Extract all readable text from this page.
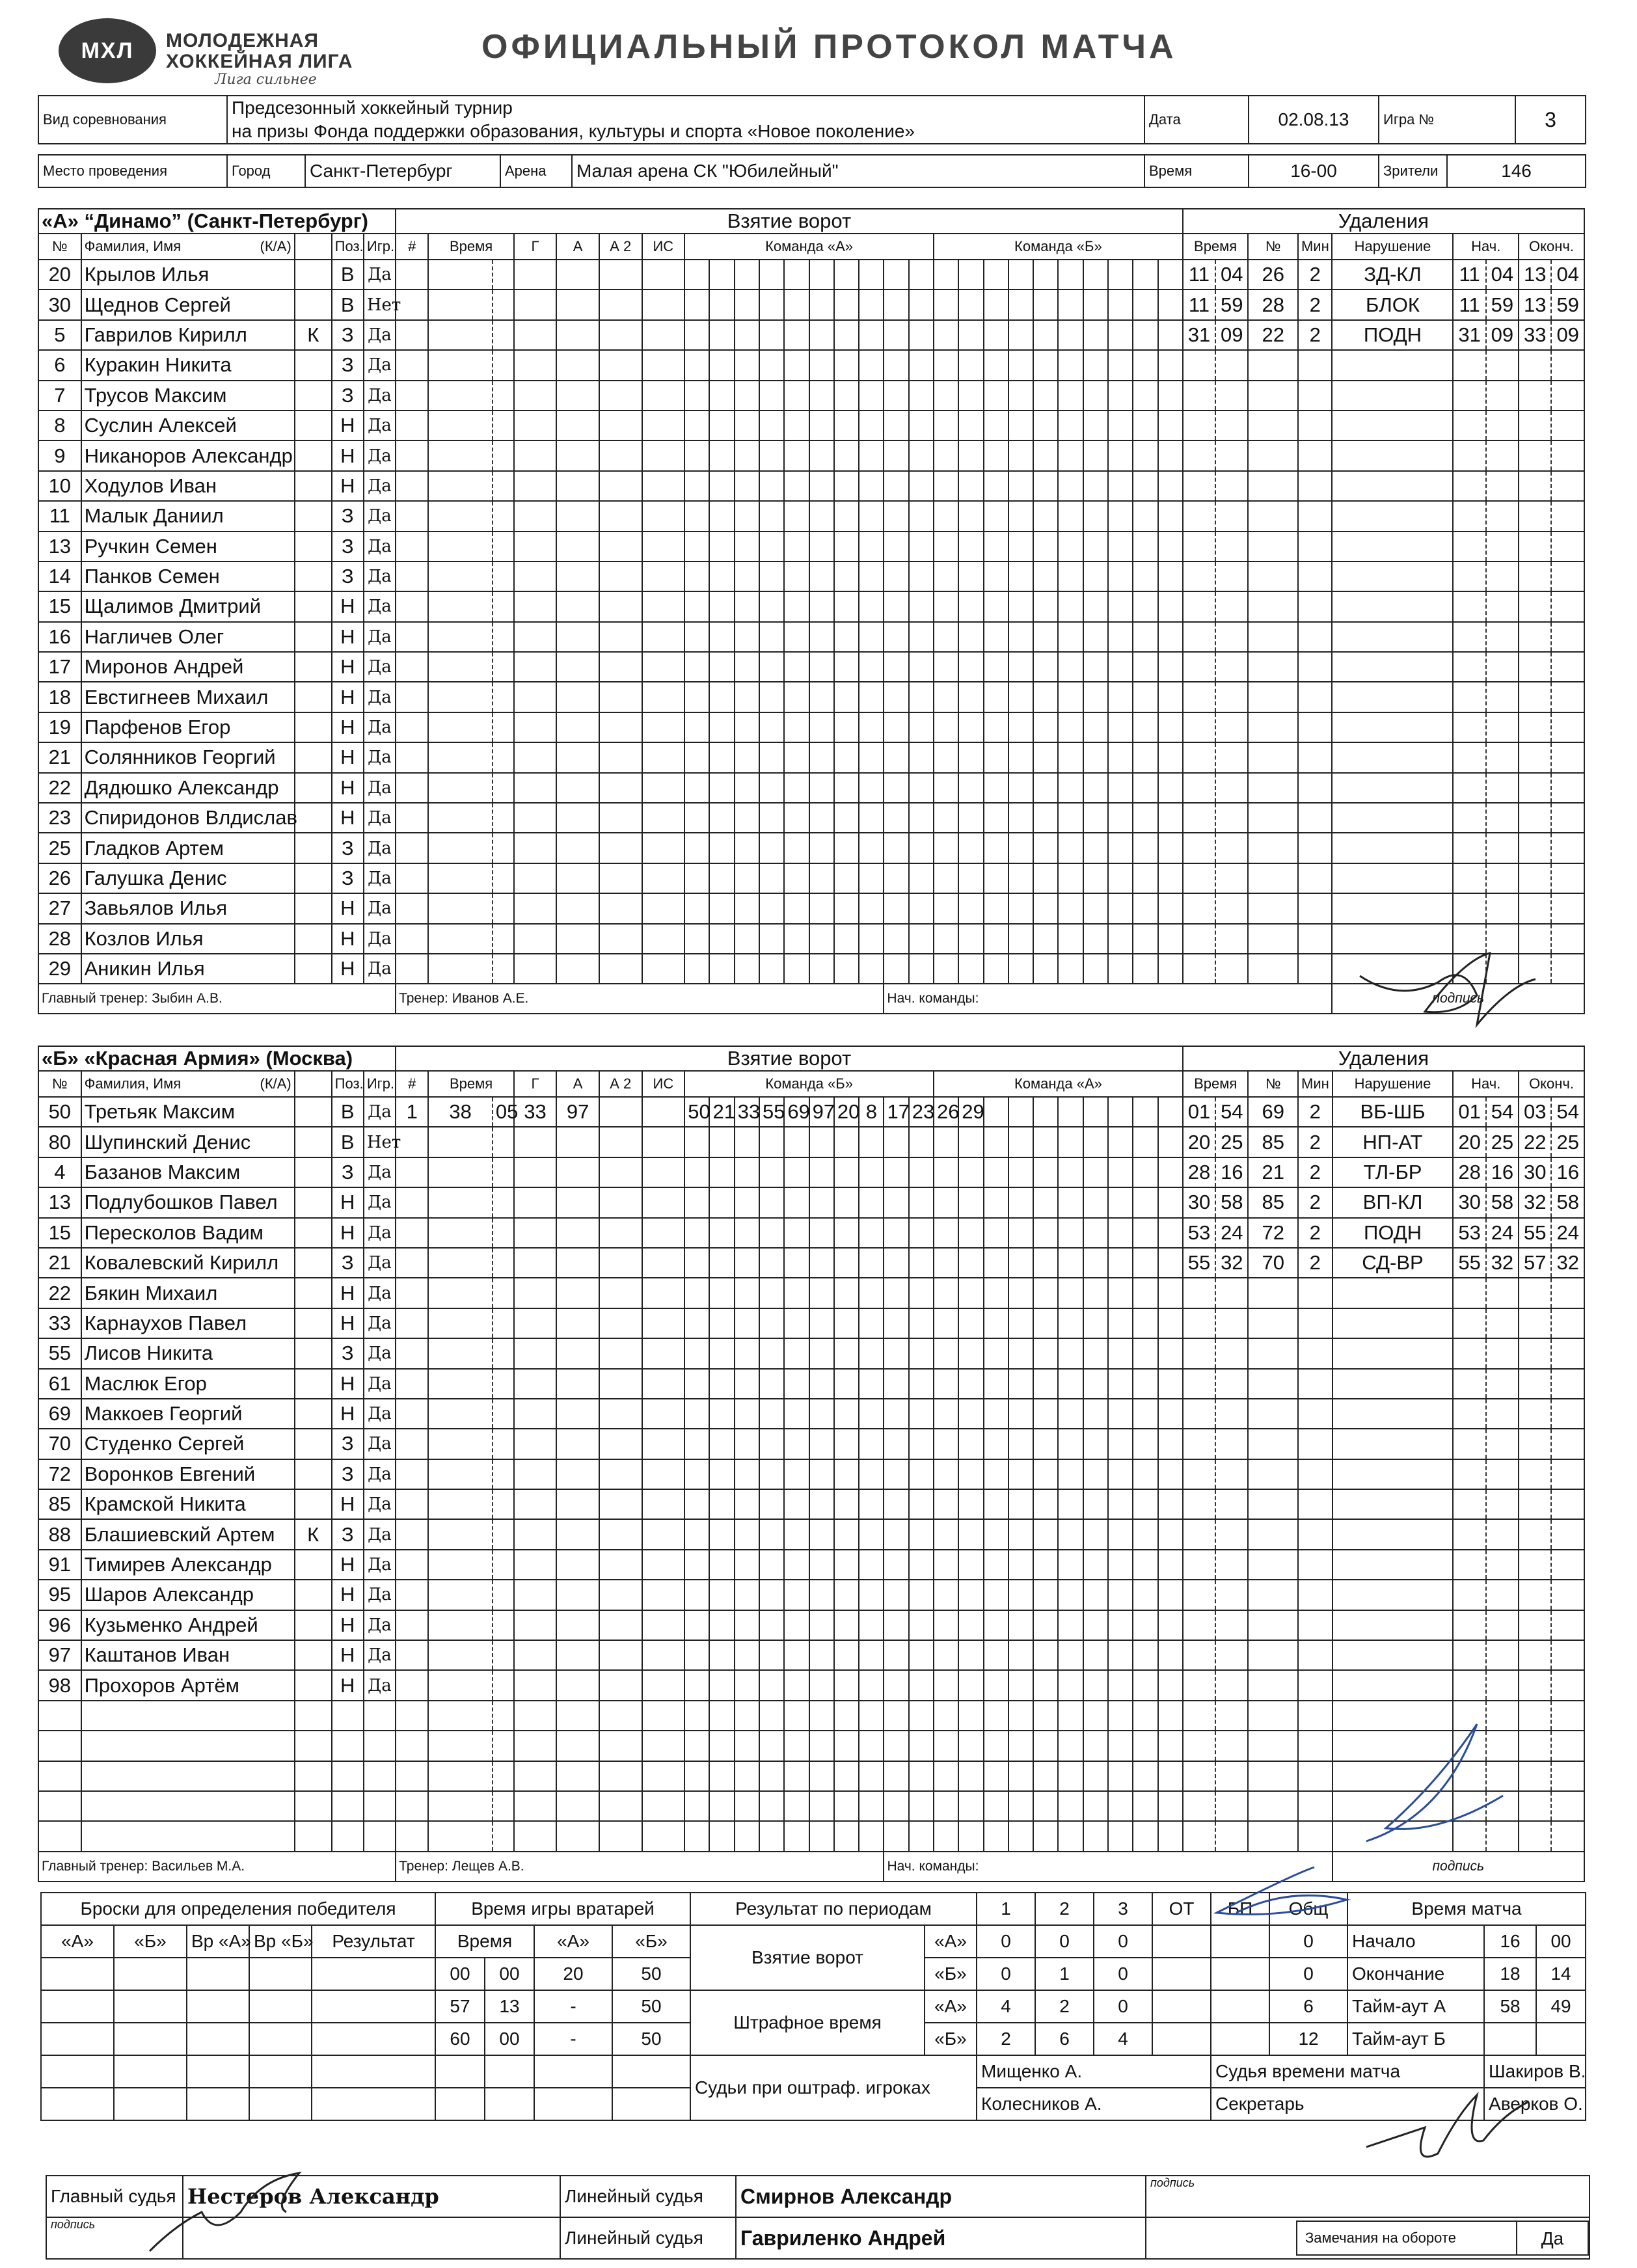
МХЛ	МОЛОДЕЖНАЯ
ХОККЕЙНАЯ ЛИГА
Лига сильнее
ОФИЦИАЛЬНЫЙ ПРОТОКОЛ МАТЧА
Вид соревнования	
Предсезонный хоккейный турнир
на призы Фонда поддержки образования, культуры и спорта «Новое поколение»
	Дата	02.08.13	Игра №	3
Место проведения	Город	Санкт-Петербург	Арена	Малая арена СК "Юбилейный"	Время	16-00	Зрители	146
«А» “Динамо” (Санкт-Петербург)					Взятие ворот																											Удаления								
№	Фамилия, Имя (К/А)		Поз.	Игр.	#	Время		Г	А	А 2	ИС	Команда «А»										Команда «Б»										Время		№	Мин	Нарушение	Нач.		Оконч.	
20	Крылов Илья		В	Да																												11	04	26	2	ЗД-КЛ	11	04	13	04
30	Щеднов Сергей		В	Нет																												11	59	28	2	БЛОК	11	59	13	59
5	Гаврилов Кирилл	К	З	Да																												31	09	22	2	ПОДН	31	09	33	09
6	Куракин Никита		З	Да																																				
7	Трусов Максим		З	Да																																				
8	Суслин Алексей		Н	Да																																				
9	Никаноров Александр		Н	Да																																				
10	Ходулов Иван		Н	Да																																				
11	Малык Даниил		З	Да																																				
13	Ручкин Семен		З	Да																																				
14	Панков Семен		З	Да																																				
15	Щалимов Дмитрий		Н	Да																																				
16	Нагличев Олег		Н	Да																																				
17	Миронов Андрей		Н	Да																																				
18	Евстигнеев Михаил		Н	Да																																				
19	Парфенов Егор		Н	Да																																				
21	Солянников Георгий		Н	Да																																				
22	Дядюшко Александр		Н	Да																																				
23	Спиридонов Влдислав		Н	Да																																				
25	Гладков Артем		З	Да																																				
26	Галушка Денис		З	Да																																				
27	Завьялов Илья		Н	Да																																				
28	Козлов Илья		Н	Да																																				
29	Аникин Илья		Н	Да																																				
Главный тренер: Зыбин А.В.					Тренер: Иванов А.Е.															Нач. команды:																подпись				
«Б» «Красная Армия» (Москва)					Взятие ворот																											Удаления								
№	Фамилия, Имя (К/А)		Поз.	Игр.	#	Время		Г	А	А 2	ИС	Команда «Б»										Команда «А»										Время		№	Мин	Нарушение	Нач.		Оконч.	
50	Третьяк Максим		В	Да	1	38	05	33	97			50	21	33	55	69	97	20	8	17	23	26	29									01	54	69	2	ВБ-ШБ	01	54	03	54
80	Шупинский Денис		В	Нет																												20	25	85	2	НП-АТ	20	25	22	25
4	Базанов Максим		З	Да																												28	16	21	2	ТЛ-БР	28	16	30	16
13	Подлубошков Павел		Н	Да																												30	58	85	2	ВП-КЛ	30	58	32	58
15	Пересколов Вадим		Н	Да																												53	24	72	2	ПОДН	53	24	55	24
21	Ковалевский Кирилл		З	Да																												55	32	70	2	СД-ВР	55	32	57	32
22	Бякин Михаил		Н	Да																																				
33	Карнаухов Павел		Н	Да																																				
55	Лисов Никита		З	Да																																				
61	Маслюк Егор		Н	Да																																				
69	Маккоев Георгий		Н	Да																																				
70	Студенко Сергей		З	Да																																				
72	Воронков Евгений		З	Да																																				
85	Крамской Никита		Н	Да																																				
88	Блашиевский Артем	К	З	Да																																				
91	Тимирев Александр		Н	Да																																				
95	Шаров Александр		Н	Да																																				
96	Кузьменко Андрей		Н	Да																																				
97	Каштанов Иван		Н	Да																																				
98	Прохоров Артём		Н	Да																																				

Главный тренер: Васильев М.А.					Тренер: Лещев А.В.															Нач. команды:																подпись				
Броски для определения победителя					Время игры вратарей				Результат по периодам		1	2	3	ОТ	БП	Общ	Время матча		
«А»	«Б»	Вр «А»	Вр «Б»	Результат	Время		«А»	«Б»	Взятие ворот	«А»	0	0	0			0	Начало	16	00
					00	00	20	50		«Б»	0	1	0			0	Окончание	18	14
					57	13	-	50	Штрафное время	«А»	4	2	0			6	Тайм-аут А	58	49
					60	00	-	50		«Б»	2	6	4			12	Тайм-аут Б		
									Судьи при оштраф. игроках		Мищенко А.				Судья времени матча			Шакиров В.	
											Колесников А.				Секретарь			Аверков О.	
Главный судья	Нестеров Александр	Линейный судья	Смирнов Александр	подпись
подпись		Линейный судья	Гавриленко Андрей	Замечания на обороте Да
